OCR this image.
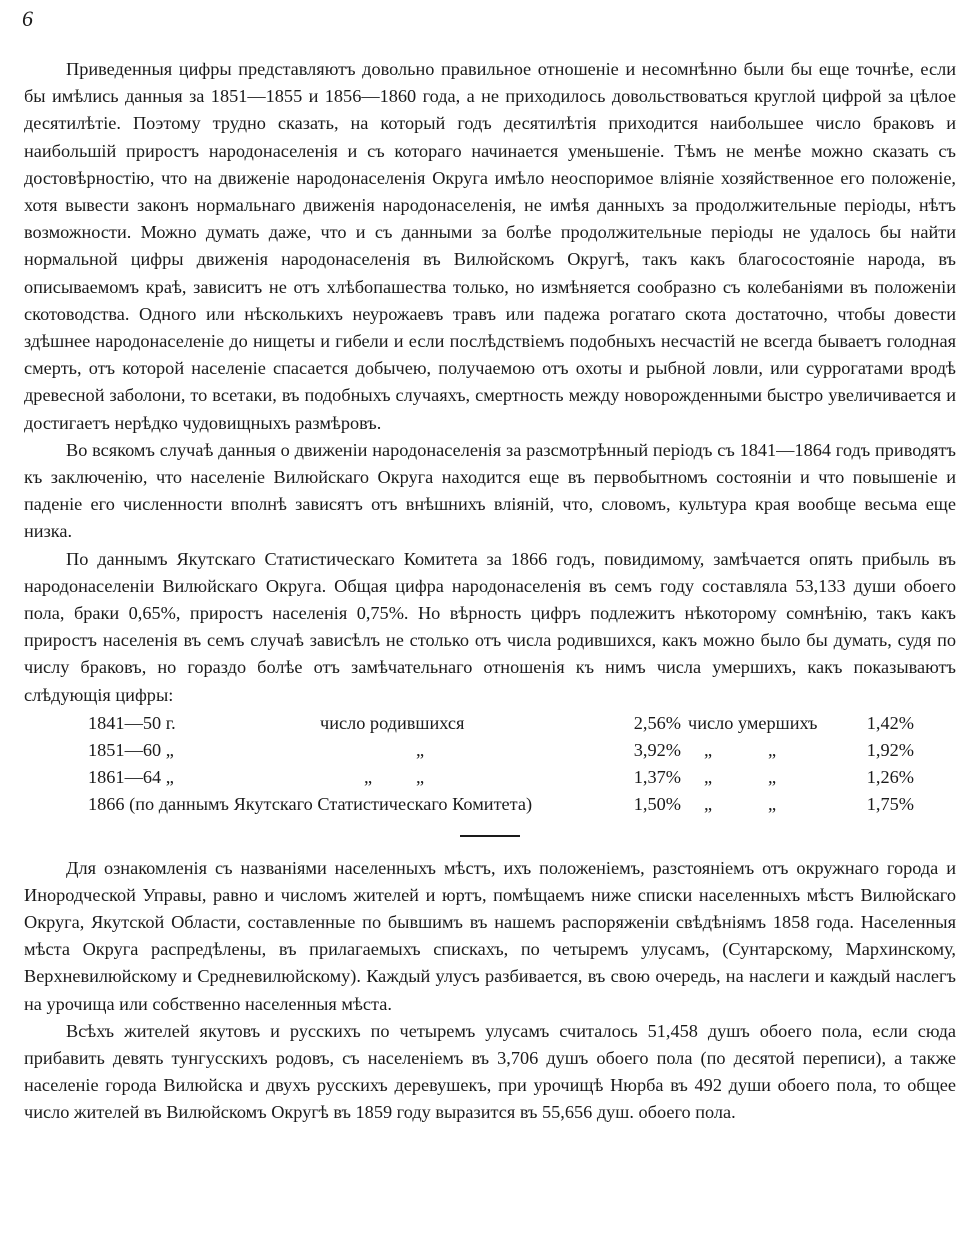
6

Приведенныя цифры представляютъ довольно правильное отношеніе и несомнѣнно были бы еще точнѣе, если бы имѣлись данныя за 1851—1855 и 1856—1860 года, а не приходилось довольствоваться круглой цифрой за цѣлое десятилѣтіе. Поэтому трудно сказать, на который годъ десятилѣтія приходится наибольшее число браковъ и наибольшій приростъ народонаселенія и съ котораго начинается уменьшеніе. Тѣмъ не менѣе можно сказать съ достовѣрностію, что на движеніе народонаселенія Округа имѣло неоспоримое вліяніе хозяйственное его положеніе, хотя вывести законъ нормальнаго движенія народонаселенія, не имѣя данныхъ за продолжительные періоды, нѣтъ возможности. Можно думать даже, что и съ данными за болѣе продолжительные періоды не удалось бы найти нормальной цифры движенія народонаселенія въ Вилюйскомъ Округѣ, такъ какъ благосостояніе народа, въ описываемомъ краѣ, зависитъ не отъ хлѣбопашества только, но измѣняется сообразно съ колебаніями въ положеніи скотоводства. Одного или нѣсколькихъ неурожаевъ травъ или падежа рогатаго скота достаточно, чтобы довести здѣшнее народонаселеніе до нищеты и гибели и если послѣдствіемъ подобныхъ несчастій не всегда бываетъ голодная смерть, отъ которой населеніе спасается добычею, получаемою отъ охоты и рыбной ловли, или суррогатами вродѣ древесной заболони, то всетаки, въ подобныхъ случаяхъ, смертность между новорожденными быстро увеличивается и достигаетъ нерѣдко чудовищныхъ размѣровъ.

Во всякомъ случаѣ данныя о движеніи народонаселенія за разсмотрѣнный періодъ съ 1841—1864 годъ приводятъ къ заключенію, что населеніе Вилюйскаго Округа находится еще въ первобытномъ состояніи и что повышеніе и паденіе его численности вполнѣ зависятъ отъ внѣшнихъ вліяній, что, словомъ, культура края вообще весьма еще низка.

По даннымъ Якутскаго Статистическаго Комитета за 1866 годъ, повидимому, замѣчается опять прибыль въ народонаселеніи Вилюйскаго Округа. Общая цифра народонаселенія въ семъ году составляла 53,133 души обоего пола, браки 0,65%, приростъ населенія 0,75%. Но вѣрность цифръ подлежитъ нѣкоторому сомнѣнію, такъ какъ приростъ населенія въ семъ случаѣ зависѣлъ не столько отъ числа родившихся, какъ можно было бы думать, судя по числу браковъ, но гораздо болѣе отъ замѣчательнаго отношенія къ нимъ числа умершихъ, какъ показываютъ слѣдующія цифры:

1841—50 г.	число родившихся	2,56% число умершихъ	1,42%
1851—60 „	„	3,92% „	„	1,92%
1861—64 „	„ „	1,37% „	„	1,26%
1866 (по даннымъ Якутскаго Статистическаго Комитета)	1,50% „	„	1,75%

Для ознакомленія съ названіями населенныхъ мѣстъ, ихъ положеніемъ, разстояніемъ отъ окружнаго города и Инородческой Управы, равно и числомъ жителей и юртъ, помѣщаемъ ниже списки населенныхъ мѣстъ Вилюйскаго Округа, Якутской Области, составленные по бывшимъ въ нашемъ распоряженіи свѣдѣніямъ 1858 года. Населенныя мѣста Округа распредѣлены, въ прилагаемыхъ спискахъ, по четыремъ улусамъ, (Сунтарскому, Мархинскому, Верхневилюйскому и Средневилюйскому). Каждый улусъ разбивается, въ свою очередь, на наслеги и каждый наслегъ на урочища или собственно населенныя мѣста.

Всѣхъ жителей якутовъ и русскихъ по четыремъ улусамъ считалось 51,458 душъ обоего пола, если сюда прибавить девять тунгусскихъ родовъ, съ населеніемъ въ 3,706 душъ обоего пола (по десятой переписи), а также населеніе города Вилюйска и двухъ русскихъ деревушекъ, при урочищѣ Нюрба въ 492 души обоего пола, то общее число жителей въ Вилюйскомъ Округѣ въ 1859 году выразится въ 55,656 душ. обоего пола.
